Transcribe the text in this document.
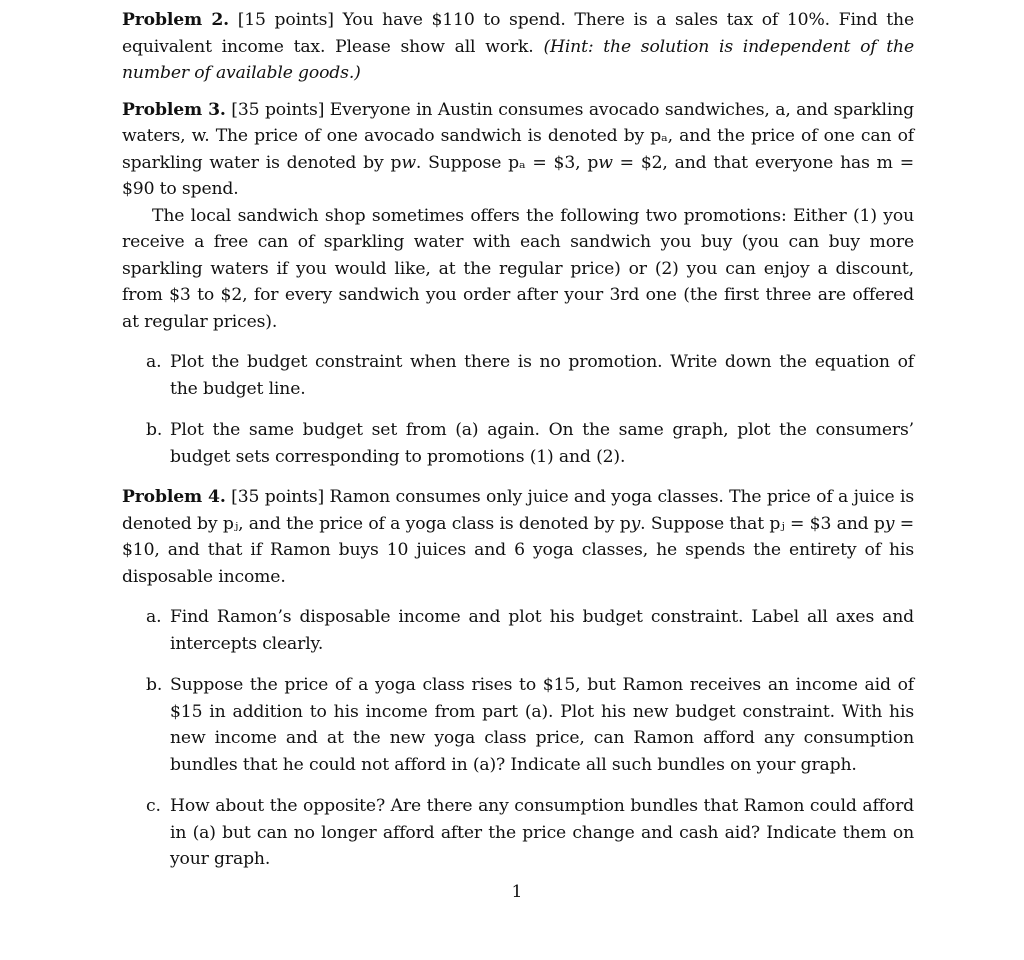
Problem 2. [15 points] You have $110 to spend. There is a sales tax of 10%. Find the equivalent income tax. Please show all work. (Hint: the solution is independent of the number of available goods.)

Problem 3. [35 points] Everyone in Austin consumes avocado sandwiches, a, and sparkling waters, w. The price of one avocado sandwich is denoted by pₐ, and the price of one can of sparkling water is denoted by p𝑤. Suppose pₐ = $3, p𝑤 = $2, and that everyone has m = $90 to spend.

The local sandwich shop sometimes offers the following two promotions: Either (1) you receive a free can of sparkling water with each sandwich you buy (you can buy more sparkling waters if you would like, at the regular price) or (2) you can enjoy a discount, from $3 to $2, for every sandwich you order after your 3rd one (the first three are offered at regular prices).

a. Plot the budget constraint when there is no promotion. Write down the equation of the budget line.
b. Plot the same budget set from (a) again. On the same graph, plot the consumers’ budget sets corresponding to promotions (1) and (2).

Problem 4. [35 points] Ramon consumes only juice and yoga classes. The price of a juice is denoted by pⱼ, and the price of a yoga class is denoted by p𝑦. Suppose that pⱼ = $3 and p𝑦 = $10, and that if Ramon buys 10 juices and 6 yoga classes, he spends the entirety of his disposable income.

a. Find Ramon’s disposable income and plot his budget constraint. Label all axes and intercepts clearly.
b. Suppose the price of a yoga class rises to $15, but Ramon receives an income aid of $15 in addition to his income from part (a). Plot his new budget constraint. With his new income and at the new yoga class price, can Ramon afford any consumption bundles that he could not afford in (a)? Indicate all such bundles on your graph.
c. How about the opposite? Are there any consumption bundles that Ramon could afford in (a) but can no longer afford after the price change and cash aid? Indicate them on your graph.
1
